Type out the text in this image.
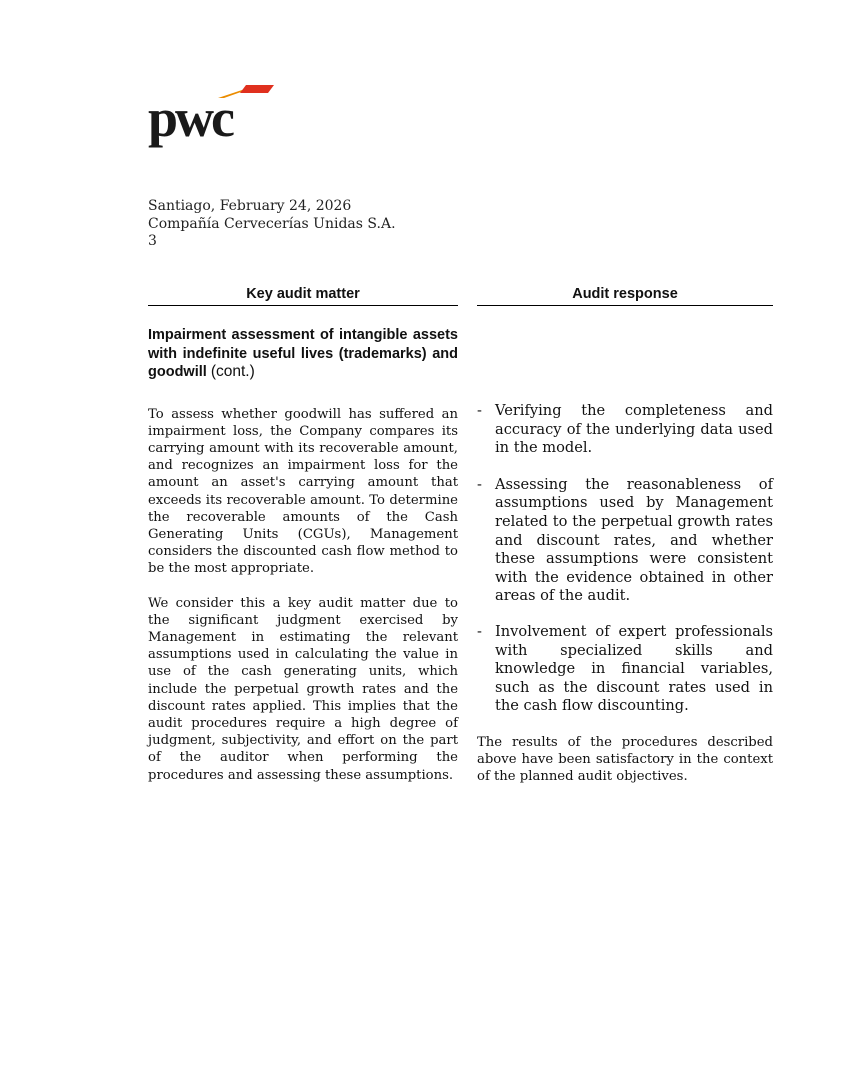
pwc
Santiago, February 24, 2026
Compañía Cervecerías Unidas S.A.
3
Key audit matter
Impairment assessment of intangible assets with indefinite useful lives (trademarks) and goodwill (cont.)

To assess whether goodwill has suffered an impairment loss, the Company compares its carrying amount with its recoverable amount, and recognizes an impairment loss for the amount an asset's carrying amount that exceeds its recoverable amount. To determine the recoverable amounts of the Cash Generating Units (CGUs), Management considers the discounted cash flow method to be the most appropriate.

We consider this a key audit matter due to the significant judgment exercised by Management in estimating the relevant assumptions used in calculating the value in use of the cash generating units, which include the perpetual growth rates and the discount rates applied. This implies that the audit procedures require a high degree of judgment, subjectivity, and effort on the part of the auditor when performing the procedures and assessing these assumptions.

Audit response
- Verifying the completeness and accuracy of the underlying data used in the model.
- Assessing the reasonableness of assumptions used by Management related to the perpetual growth rates and discount rates, and whether these assumptions were consistent with the evidence obtained in other areas of the audit.
- Involvement of expert professionals with specialized skills and knowledge in financial variables, such as the discount rates used in the cash flow discounting.

The results of the procedures described above have been satisfactory in the context of the planned audit objectives.
